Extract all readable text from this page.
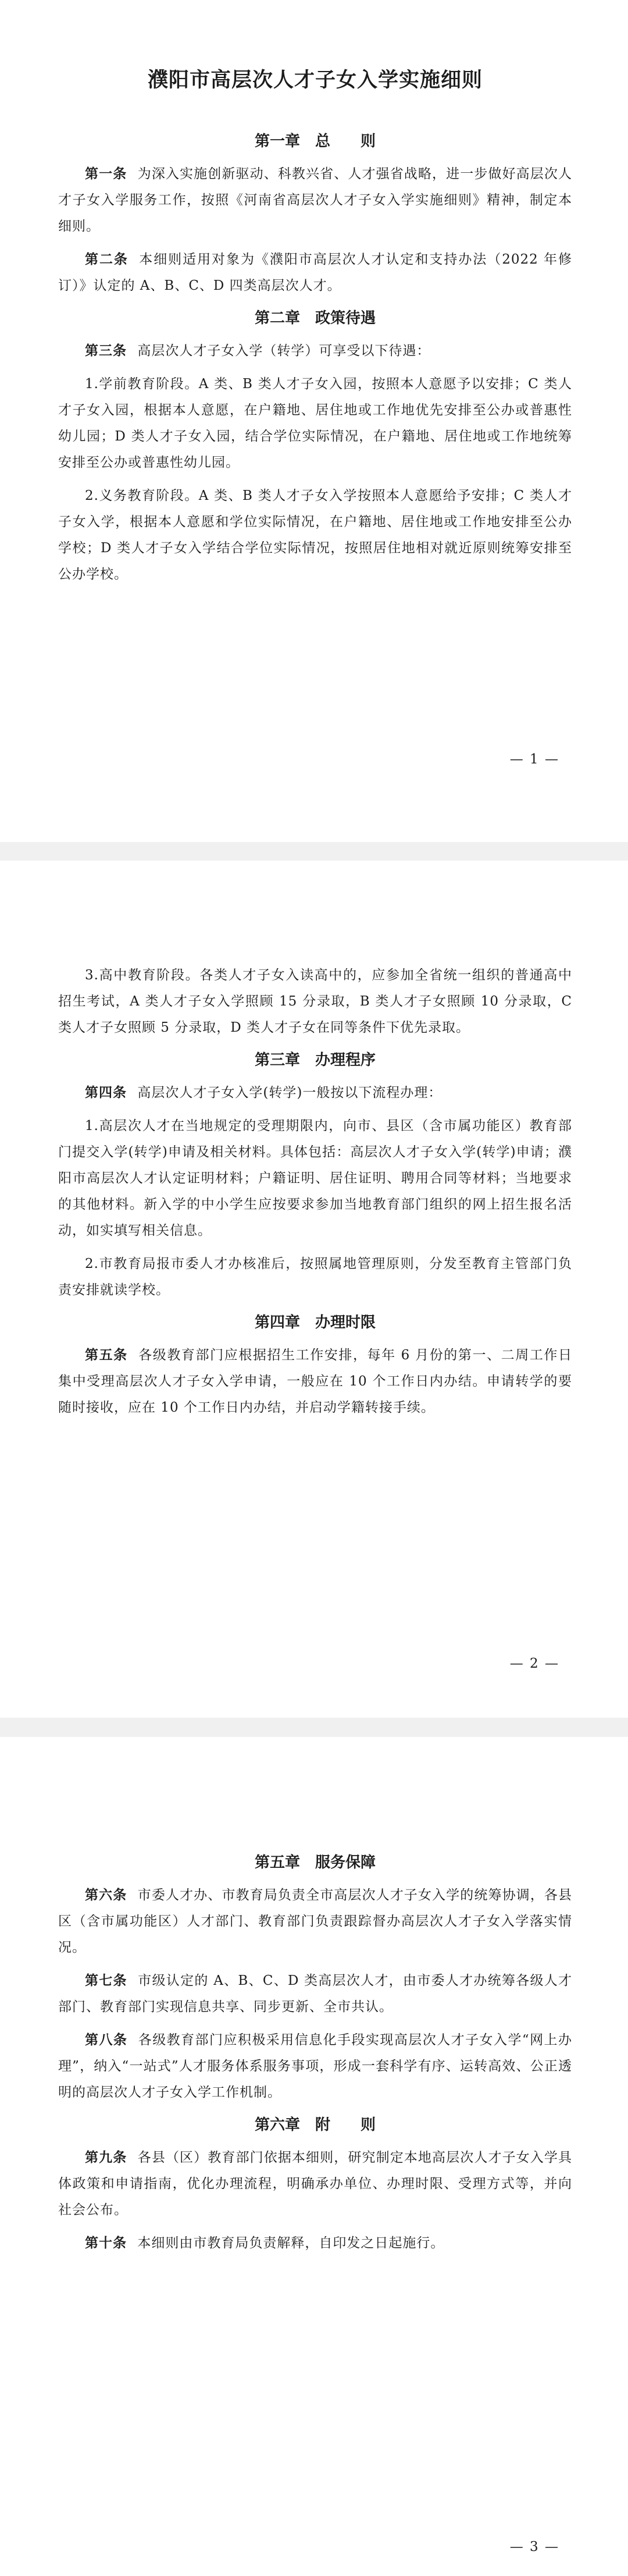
濮阳市高层次人才子女入学实施细则
第一章　总　　则

第一条 为深入实施创新驱动、科教兴省、人才强省战略，进一步做好高层次人才子女入学服务工作，按照《河南省高层次人才子女入学实施细则》精神，制定本细则。

第二条 本细则适用对象为《濮阳市高层次人才认定和支持办法（2022 年修订）》认定的 A、B、C、D 四类高层次人才。

第二章　政策待遇

第三条 高层次人才子女入学（转学）可享受以下待遇：

1.学前教育阶段。A 类、B 类人才子女入园，按照本人意愿予以安排；C 类人才子女入园，根据本人意愿，在户籍地、居住地或工作地优先安排至公办或普惠性幼儿园；D 类人才子女入园，结合学位实际情况，在户籍地、居住地或工作地统筹安排至公办或普惠性幼儿园。

2.义务教育阶段。A 类、B 类人才子女入学按照本人意愿给予安排；C 类人才子女入学，根据本人意愿和学位实际情况，在户籍地、居住地或工作地安排至公办学校；D 类人才子女入学结合学位实际情况，按照居住地相对就近原则统筹安排至公办学校。

— 1 —

3.高中教育阶段。各类人才子女入读高中的，应参加全省统一组织的普通高中招生考试，A 类人才子女入学照顾 15 分录取，B 类人才子女照顾 10 分录取，C 类人才子女照顾 5 分录取，D 类人才子女在同等条件下优先录取。

第三章　办理程序

第四条 高层次人才子女入学(转学)一般按以下流程办理：

1.高层次人才在当地规定的受理期限内，向市、县区（含市属功能区）教育部门提交入学(转学)申请及相关材料。具体包括：高层次人才子女入学(转学)申请；濮阳市高层次人才认定证明材料；户籍证明、居住证明、聘用合同等材料；当地要求的其他材料。新入学的中小学生应按要求参加当地教育部门组织的网上招生报名活动，如实填写相关信息。

2.市教育局报市委人才办核准后，按照属地管理原则，分发至教育主管部门负责安排就读学校。

第四章　办理时限

第五条 各级教育部门应根据招生工作安排，每年 6 月份的第一、二周工作日集中受理高层次人才子女入学申请，一般应在 10 个工作日内办结。申请转学的要随时接收，应在 10 个工作日内办结，并启动学籍转接手续。

— 2 —
第五章　服务保障

第六条 市委人才办、市教育局负责全市高层次人才子女入学的统筹协调，各县区（含市属功能区）人才部门、教育部门负责跟踪督办高层次人才子女入学落实情况。

第七条 市级认定的 A、B、C、D 类高层次人才，由市委人才办统筹各级人才部门、教育部门实现信息共享、同步更新、全市共认。

第八条 各级教育部门应积极采用信息化手段实现高层次人才子女入学“网上办理”，纳入“一站式”人才服务体系服务事项，形成一套科学有序、运转高效、公正透明的高层次人才子女入学工作机制。

第六章　附　　则

第九条 各县（区）教育部门依据本细则，研究制定本地高层次人才子女入学具体政策和申请指南，优化办理流程，明确承办单位、办理时限、受理方式等，并向社会公布。

第十条 本细则由市教育局负责解释，自印发之日起施行。

— 3 —
